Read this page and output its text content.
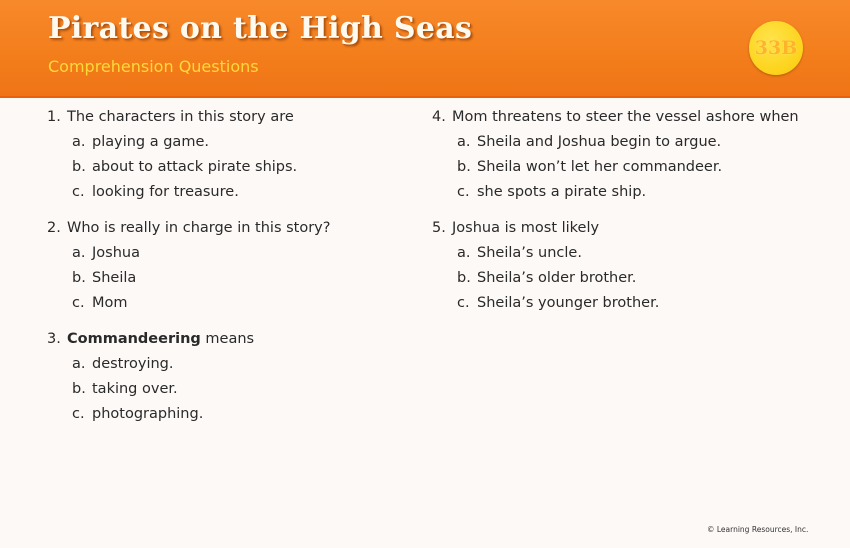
Pirates on the High Seas

Comprehension Questions

33B
1. The characters in this story are
a. playing a game.
b. about to attack pirate ships.
c. looking for treasure.
2. Who is really in charge in this story?
a. Joshua
b. Sheila
c. Mom
3. Commandeering means
a. destroying.
b. taking over.
c. photographing.
4. Mom threatens to steer the vessel ashore when
a. Sheila and Joshua begin to argue.
b. Sheila won’t let her commandeer.
c. she spots a pirate ship.
5. Joshua is most likely
a. Sheila’s uncle.
b. Sheila’s older brother.
c. Sheila’s younger brother.
© Learning Resources, Inc.
